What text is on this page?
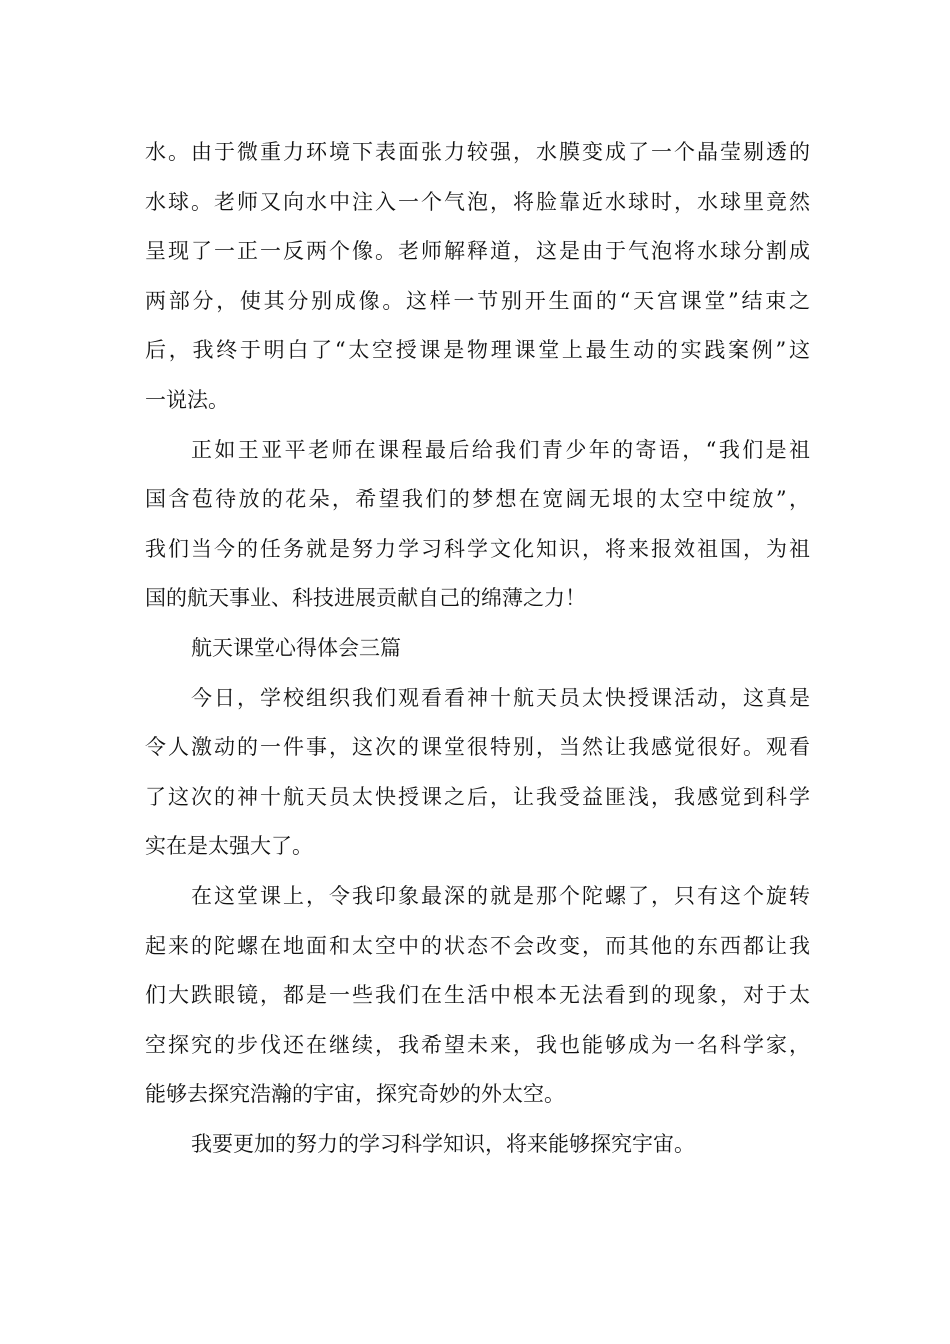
水。由于微重力环境下表面张力较强，水膜变成了一个晶莹剔透的
水球。老师又向水中注入一个气泡，将脸靠近水球时，水球里竟然
呈现了一正一反两个像。老师解释道，这是由于气泡将水球分割成
两部分，使其分别成像。这样一节别开生面的“天宫课堂”结束之
后，我终于明白了“太空授课是物理课堂上最生动的实践案例”这
一说法。
正如王亚平老师在课程最后给我们青少年的寄语，“我们是祖
国含苞待放的花朵，希望我们的梦想在宽阔无垠的太空中绽放”，
我们当今的任务就是努力学习科学文化知识，将来报效祖国，为祖
国的航天事业、科技进展贡献自己的绵薄之力！
航天课堂心得体会三篇
今日，学校组织我们观看看神十航天员太快授课活动，这真是
令人激动的一件事，这次的课堂很特别，当然让我感觉很好。观看
了这次的神十航天员太快授课之后，让我受益匪浅，我感觉到科学
实在是太强大了。
在这堂课上，令我印象最深的就是那个陀螺了，只有这个旋转
起来的陀螺在地面和太空中的状态不会改变，而其他的东西都让我
们大跌眼镜，都是一些我们在生活中根本无法看到的现象，对于太
空探究的步伐还在继续，我希望未来，我也能够成为一名科学家，
能够去探究浩瀚的宇宙，探究奇妙的外太空。
我要更加的努力的学习科学知识，将来能够探究宇宙。
